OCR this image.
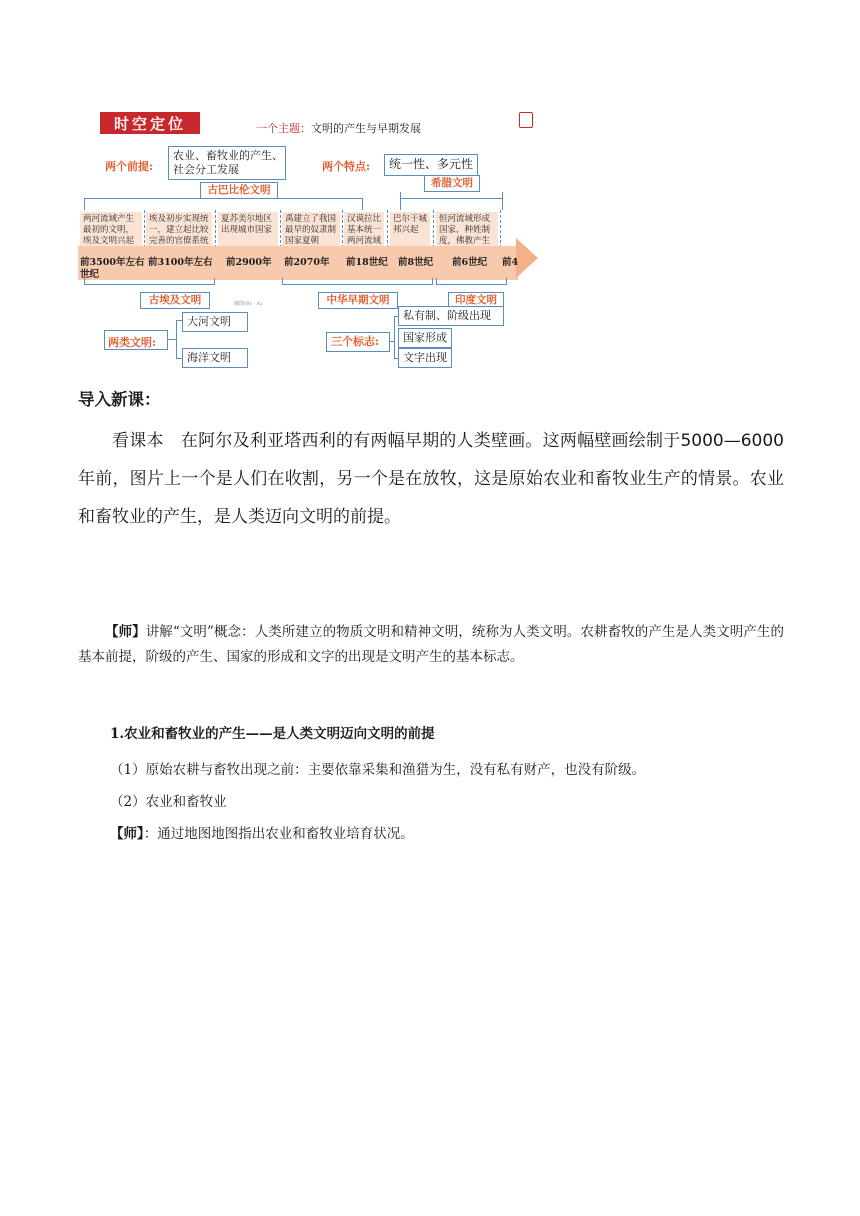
时空定位	一个主题：文明的产生与早期发展
两个前提:
农业、畜牧业的产生、
社会分工发展	两个特点:	统一性、多元性
古巴比伦文明
希腊文明
两河流域产生最初的文明，埃及文明兴起
埃及初步实现统一，建立起比较完善的官僚系统
夏苏美尔地区出现城市国家
禹建立了我国最早的奴隶制国家夏朝
汉谟拉比基本统一两河流域
巴尔干城邦兴起
恒河流域形成国家，种姓制度，佛教产生
前3500年左右 前3100年左右 前2900年 前2070年 前18世纪 前8世纪 前6世纪 前4
世纪
古埃及文明	中华早期文明	印度文明
插图(R) · A)
两类文明:
大河文明
海洋文明
三个标志:
私有制、阶级出现
国家形成
文字出现
导入新课：
看课本　在阿尔及利亚塔西利的有两幅早期的人类壁画。这两幅壁画绘制于5000—6000年前，图片上一个是人们在收割，另一个是在放牧，这是原始农业和畜牧业生产的情景。农业和畜牧业的产生，是人类迈向文明的前提。
【师】讲解“文明”概念：人类所建立的物质文明和精神文明，统称为人类文明。农耕畜牧的产生是人类文明产生的基本前提，阶级的产生、国家的形成和文字的出现是文明产生的基本标志。
1.农业和畜牧业的产生——是人类文明迈向文明的前提
（1）原始农耕与畜牧出现之前：主要依靠采集和渔猎为生，没有私有财产，也没有阶级。
（2）农业和畜牧业
【师】：通过地图地图指出农业和畜牧业培育状况。
